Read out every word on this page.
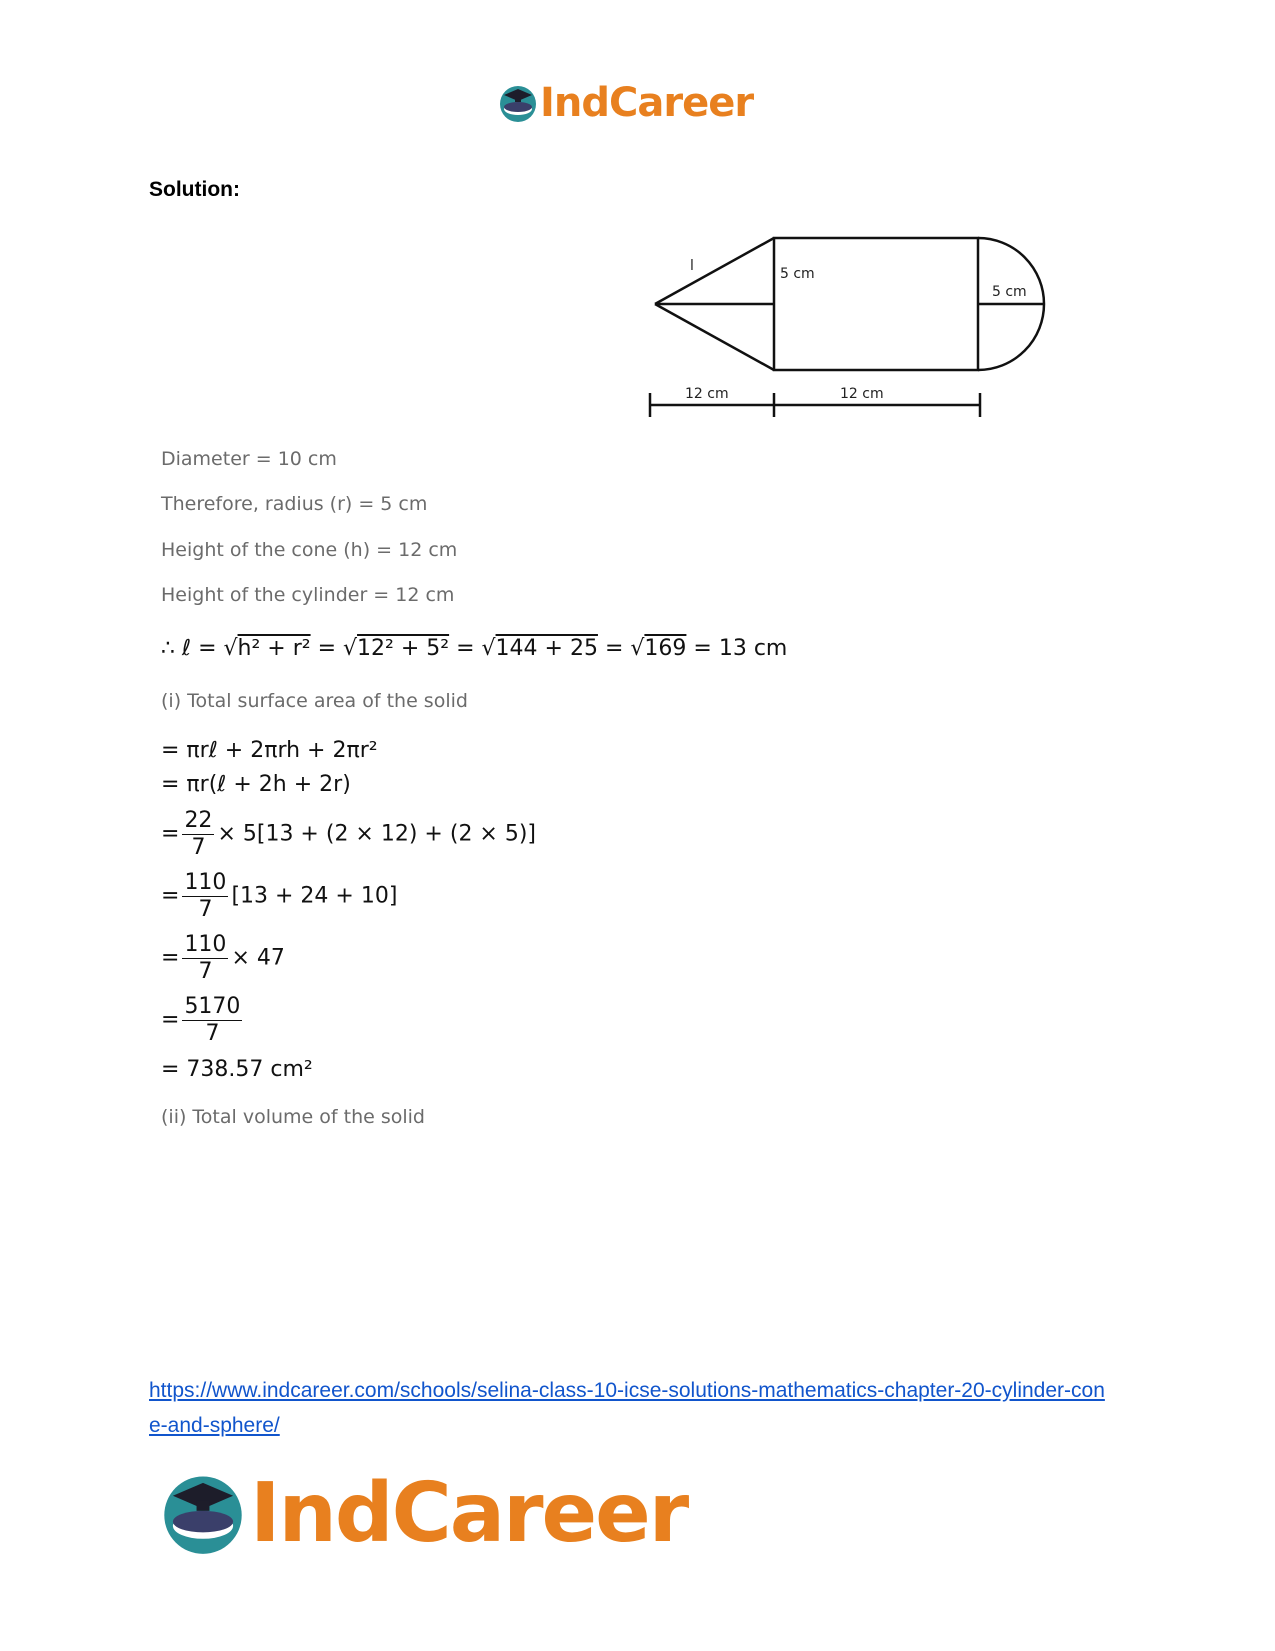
IndCareer
Solution:
l	5 cm
5 cm
12 cm	12 cm
Diameter = 10 cm
Therefore, radius (r) = 5 cm
Height of the cone (h) = 12 cm
Height of the cylinder = 12 cm
∴ ℓ = √h² + r² = √12² + 5² = √144 + 25 = √169 = 13 cm
(i) Total surface area of the solid
= πrℓ + 2πrh + 2πr²
= πr(ℓ + 2h + 2r)
= $\frac{22}{7} \times 5[13 + (2 \times 12) + (2 \times 5)]$
= $\frac{110}{7} [13 + 24 + 10]$
= $\frac{110}{7} \times 47$
= $\frac{5170}{7}$
= 738.57 cm²
(ii) Total volume of the solid
https://www.indcareer.com/schools/selina-class-10-icse-solutions-mathematics-chapter-20-cylinder-cone-and-sphere/
IndCareer
